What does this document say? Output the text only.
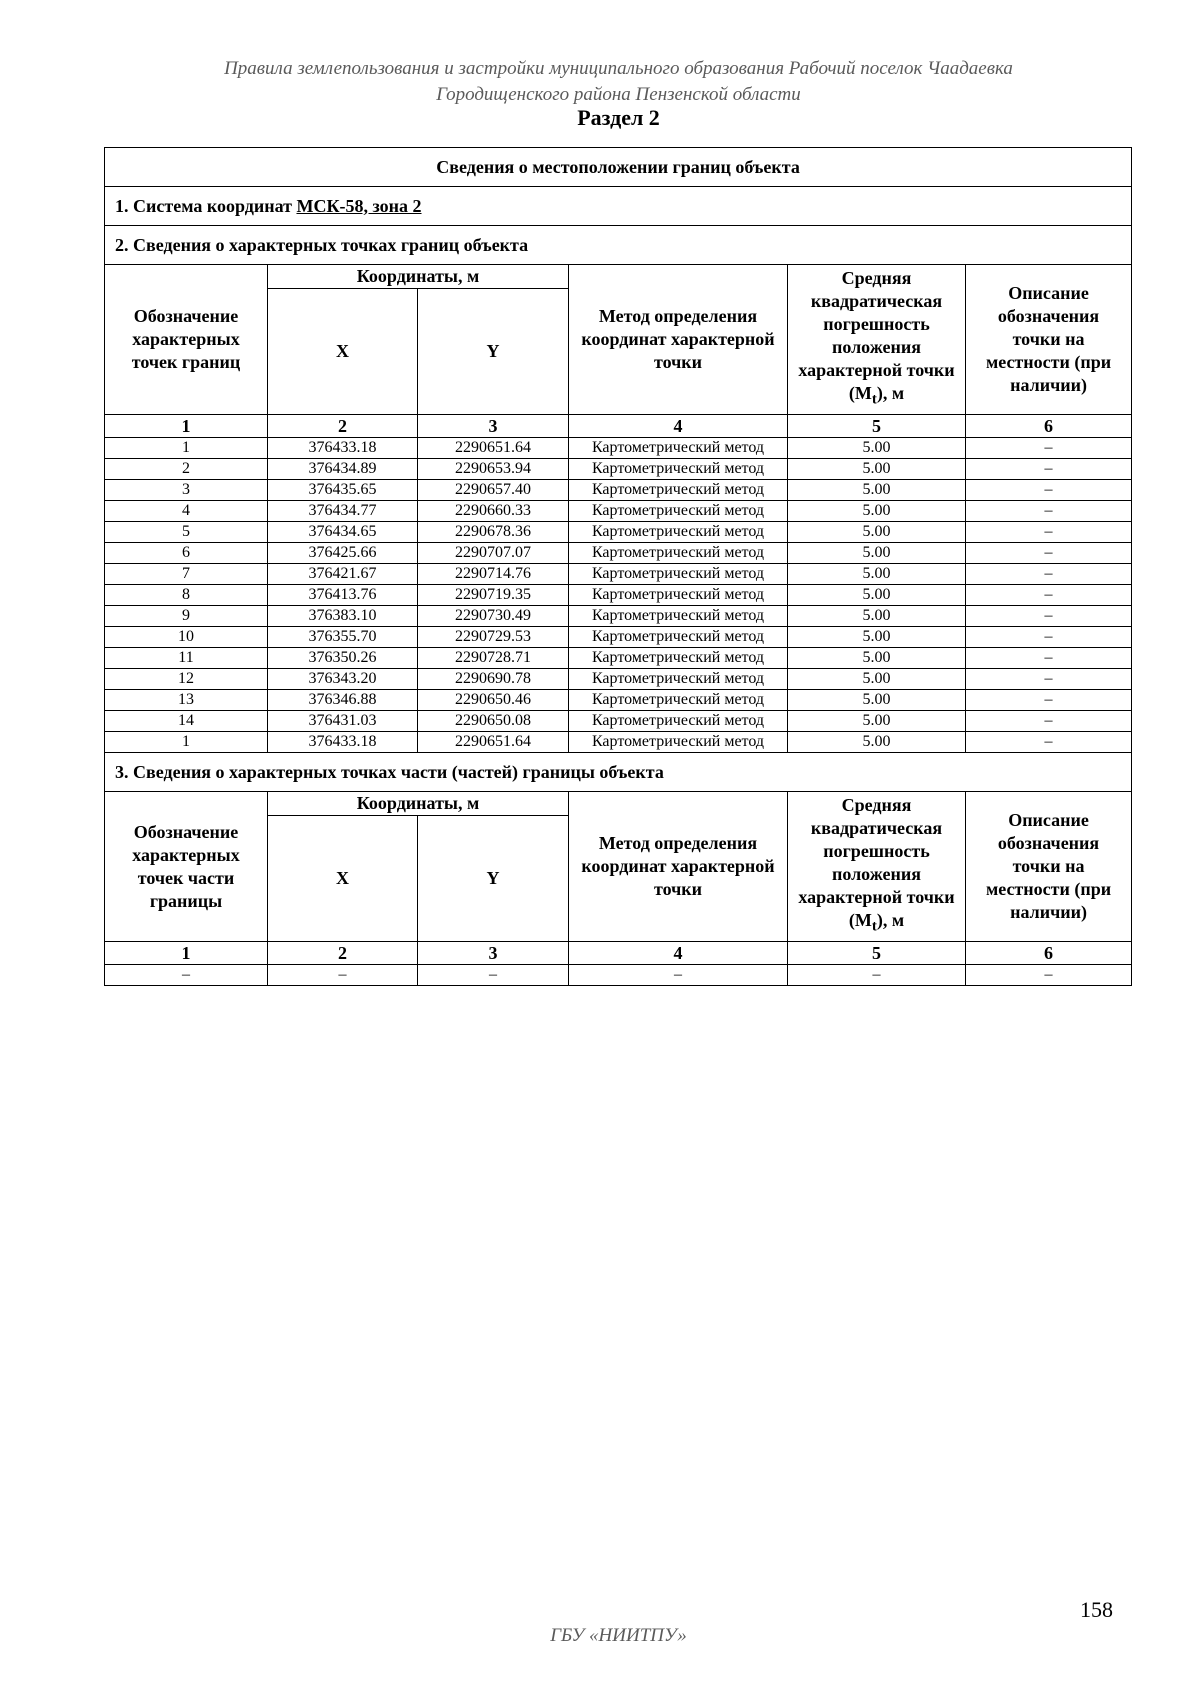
Правила землепользования и застройки муниципального образования Рабочий поселок Чаадаевка
Городищенского района Пензенской области
Раздел 2
Сведения о местоположении границ объекта					
1. Система координат МСК-58, зона 2					
2. Сведения о характерных точках границ объекта					
Обозначение характерных точек границ	Координаты, м		Метод определения координат характерной точки	Средняя квадратическая погрешность положения характерной точки $(M_t)$, м	Описание обозначения точки на местности (при наличии)
	X	Y			
1	2	3	4	5	6
1	376433.18	2290651.64	Картометрический метод	5.00	–
2	376434.89	2290653.94	Картометрический метод	5.00	–
3	376435.65	2290657.40	Картометрический метод	5.00	–
4	376434.77	2290660.33	Картометрический метод	5.00	–
5	376434.65	2290678.36	Картометрический метод	5.00	–
6	376425.66	2290707.07	Картометрический метод	5.00	–
7	376421.67	2290714.76	Картометрический метод	5.00	–
8	376413.76	2290719.35	Картометрический метод	5.00	–
9	376383.10	2290730.49	Картометрический метод	5.00	–
10	376355.70	2290729.53	Картометрический метод	5.00	–
11	376350.26	2290728.71	Картометрический метод	5.00	–
12	376343.20	2290690.78	Картометрический метод	5.00	–
13	376346.88	2290650.46	Картометрический метод	5.00	–
14	376431.03	2290650.08	Картометрический метод	5.00	–
1	376433.18	2290651.64	Картометрический метод	5.00	–
3. Сведения о характерных точках части (частей) границы объекта					
Обозначение характерных точек части границы	Координаты, м		Метод определения координат характерной точки	Средняя квадратическая погрешность положения характерной точки $(M_t)$, м	Описание обозначения точки на местности (при наличии)
	X	Y			
1	2	3	4	5	6
–	–	–	–	–	–
158
ГБУ «НИИТПУ»
